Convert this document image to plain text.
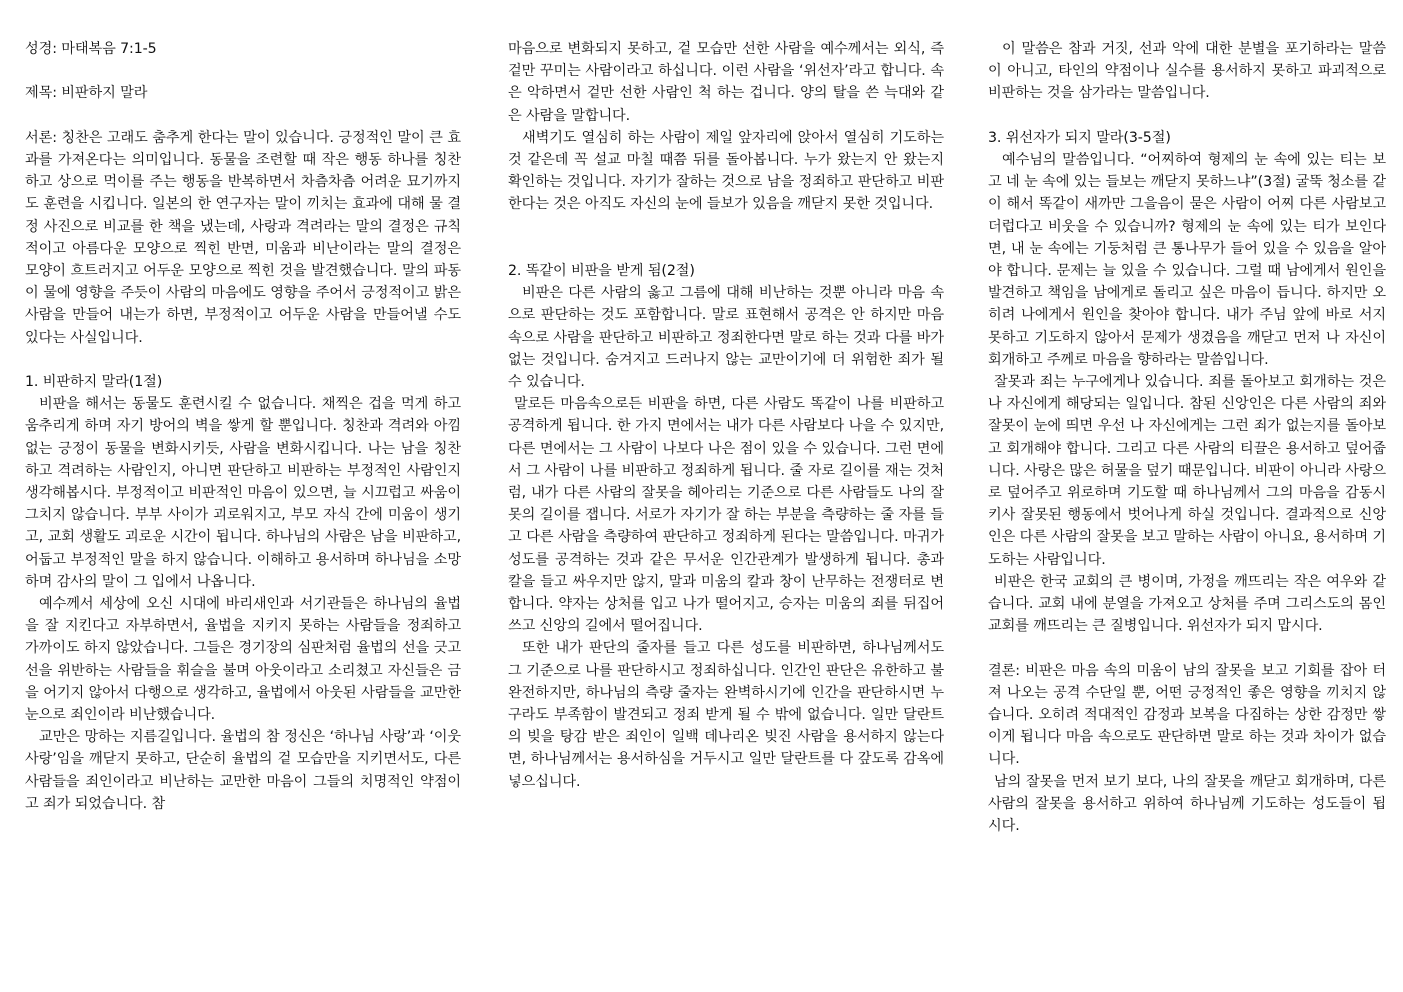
성경: 마태복음 7:1-5

제목: 비판하지 말라

서론: 칭찬은 고래도 춤추게 한다는 말이 있습니다. 긍정적인 말이 큰 효과를 가져온다는 의미입니다. 동물을 조련할 때 작은 행동 하나를 칭찬하고 상으로 먹이를 주는 행동을 반복하면서 차츰차츰 어려운 묘기까지도 훈련을 시킵니다. 일본의 한 연구자는 말이 끼치는 효과에 대해 물 결정 사진으로 비교를 한 책을 냈는데, 사랑과 격려라는 말의 결정은 규칙적이고 아름다운 모양으로 찍힌 반면, 미움과 비난이라는 말의 결정은 모양이 흐트러지고 어두운 모양으로 찍힌 것을 발견했습니다. 말의 파동이 물에 영향을 주듯이 사람의 마음에도 영향을 주어서 긍정적이고 밝은 사람을 만들어 내는가 하면, 부정적이고 어두운 사람을 만들어낼 수도 있다는 사실입니다.

1. 비판하지 말라(1절)

비판을 해서는 동물도 훈련시킬 수 없습니다. 채찍은 겁을 먹게 하고 움추리게 하며 자기 방어의 벽을 쌓게 할 뿐입니다. 칭찬과 격려와 아낌없는 긍정이 동물을 변화시키듯, 사람을 변화시킵니다. 나는 남을 칭찬하고 격려하는 사람인지, 아니면 판단하고 비판하는 부정적인 사람인지 생각해봅시다. 부정적이고 비판적인 마음이 있으면, 늘 시끄럽고 싸움이 그치지 않습니다. 부부 사이가 괴로워지고, 부모 자식 간에 미움이 생기고, 교회 생활도 괴로운 시간이 됩니다. 하나님의 사람은 남을 비판하고, 어둡고 부정적인 말을 하지 않습니다. 이해하고 용서하며 하나님을 소망하며 감사의 말이 그 입에서 나옵니다.

예수께서 세상에 오신 시대에 바리새인과 서기관들은 하나님의 율법을 잘 지킨다고 자부하면서, 율법을 지키지 못하는 사람들을 정죄하고 가까이도 하지 않았습니다. 그들은 경기장의 심판처럼 율법의 선을 긋고 선을 위반하는 사람들을 휘슬을 불며 아웃이라고 소리쳤고 자신들은 금을 어기지 않아서 다행으로 생각하고, 율법에서 아웃된 사람들을 교만한 눈으로 죄인이라 비난했습니다.

교만은 망하는 지름길입니다. 율법의 참 정신은 ‘하나님 사랑’과 ‘이웃 사랑’임을 깨닫지 못하고, 단순히 율법의 겉 모습만을 지키면서도, 다른 사람들을 죄인이라고 비난하는 교만한 마음이 그들의 치명적인 약점이고 죄가 되었습니다. 참

마음으로 변화되지 못하고, 겉 모습만 선한 사람을 예수께서는 외식, 즉 겉만 꾸미는 사람이라고 하십니다. 이런 사람을 ‘위선자’라고 합니다. 속은 악하면서 겉만 선한 사람인 척 하는 겁니다. 양의 탈을 쓴 늑대와 같은 사람을 말합니다.

새벽기도 열심히 하는 사람이 제일 앞자리에 앉아서 열심히 기도하는 것 같은데 꼭 설교 마칠 때쯤 뒤를 돌아봅니다. 누가 왔는지 안 왔는지 확인하는 것입니다. 자기가 잘하는 것으로 남을 정죄하고 판단하고 비판한다는 것은 아직도 자신의 눈에 들보가 있음을 깨닫지 못한 것입니다.

2. 똑같이 비판을 받게 됨(2절)

비판은 다른 사람의 옳고 그름에 대해 비난하는 것뿐 아니라 마음 속으로 판단하는 것도 포함합니다. 말로 표현해서 공격은 안 하지만 마음 속으로 사람을 판단하고 비판하고 정죄한다면 말로 하는 것과 다를 바가 없는 것입니다. 숨겨지고 드러나지 않는 교만이기에 더 위험한 죄가 될 수 있습니다.

말로든 마음속으로든 비판을 하면, 다른 사람도 똑같이 나를 비판하고 공격하게 됩니다. 한 가지 면에서는 내가 다른 사람보다 나을 수 있지만, 다른 면에서는 그 사람이 나보다 나은 점이 있을 수 있습니다. 그런 면에서 그 사람이 나를 비판하고 정죄하게 됩니다. 줄 자로 길이를 재는 것처럼, 내가 다른 사람의 잘못을 헤아리는 기준으로 다른 사람들도 나의 잘못의 길이를 잽니다. 서로가 자기가 잘 하는 부분을 측량하는 줄 자를 들고 다른 사람을 측량하여 판단하고 정죄하게 된다는 말씀입니다. 마귀가 성도를 공격하는 것과 같은 무서운 인간관계가 발생하게 됩니다. 총과 칼을 들고 싸우지만 않지, 말과 미움의 칼과 창이 난무하는 전쟁터로 변합니다. 약자는 상처를 입고 나가 떨어지고, 승자는 미움의 죄를 뒤집어 쓰고 신앙의 길에서 떨어집니다.

또한 내가 판단의 줄자를 들고 다른 성도를 비판하면, 하나님께서도 그 기준으로 나를 판단하시고 정죄하십니다. 인간인 판단은 유한하고 불완전하지만, 하나님의 측량 줄자는 완벽하시기에 인간을 판단하시면 누구라도 부족함이 발견되고 정죄 받게 될 수 밖에 없습니다. 일만 달란트의 빚을 탕감 받은 죄인이 일백 데나리온 빚진 사람을 용서하지 않는다면, 하나님께서는 용서하심을 거두시고 일만 달란트를 다 갚도록 감옥에 넣으십니다.

이 말씀은 참과 거짓, 선과 악에 대한 분별을 포기하라는 말씀이 아니고, 타인의 약점이나 실수를 용서하지 못하고 파괴적으로 비판하는 것을 삼가라는 말씀입니다.

3. 위선자가 되지 말라(3-5절)

예수님의 말씀입니다. “어찌하여 형제의 눈 속에 있는 티는 보고 네 눈 속에 있는 들보는 깨닫지 못하느냐”(3절) 굴뚝 청소를 같이 해서 똑같이 새까만 그을음이 묻은 사람이 어찌 다른 사람보고 더럽다고 비웃을 수 있습니까? 형제의 눈 속에 있는 티가 보인다면, 내 눈 속에는 기둥처럼 큰 통나무가 들어 있을 수 있음을 알아야 합니다. 문제는 늘 있을 수 있습니다. 그럴 때 남에게서 원인을 발견하고 책임을 남에게로 돌리고 싶은 마음이 듭니다. 하지만 오히려 나에게서 원인을 찾아야 합니다. 내가 주님 앞에 바로 서지 못하고 기도하지 않아서 문제가 생겼음을 깨닫고 먼저 나 자신이 회개하고 주께로 마음을 향하라는 말씀입니다.

잘못과 죄는 누구에게나 있습니다. 죄를 돌아보고 회개하는 것은 나 자신에게 해당되는 일입니다. 참된 신앙인은 다른 사람의 죄와 잘못이 눈에 띄면 우선 나 자신에게는 그런 죄가 없는지를 돌아보고 회개해야 합니다. 그리고 다른 사람의 티끌은 용서하고 덮어줍니다. 사랑은 많은 허물을 덮기 때문입니다. 비판이 아니라 사랑으로 덮어주고 위로하며 기도할 때 하나님께서 그의 마음을 감동시키사 잘못된 행동에서 벗어나게 하실 것입니다. 결과적으로 신앙인은 다른 사람의 잘못을 보고 말하는 사람이 아니요, 용서하며 기도하는 사람입니다.

비판은 한국 교회의 큰 병이며, 가정을 깨뜨리는 작은 여우와 같습니다. 교회 내에 분열을 가져오고 상처를 주며 그리스도의 몸인 교회를 깨뜨리는 큰 질병입니다. 위선자가 되지 맙시다.

결론: 비판은 마음 속의 미움이 남의 잘못을 보고 기회를 잡아 터져 나오는 공격 수단일 뿐, 어떤 긍정적인 좋은 영향을 끼치지 않습니다. 오히려 적대적인 감정과 보복을 다짐하는 상한 감정만 쌓이게 됩니다 마음 속으로도 판단하면 말로 하는 것과 차이가 없습니다.

남의 잘못을 먼저 보기 보다, 나의 잘못을 깨닫고 회개하며, 다른 사람의 잘못을 용서하고 위하여 하나님께 기도하는 성도들이 됩시다.
